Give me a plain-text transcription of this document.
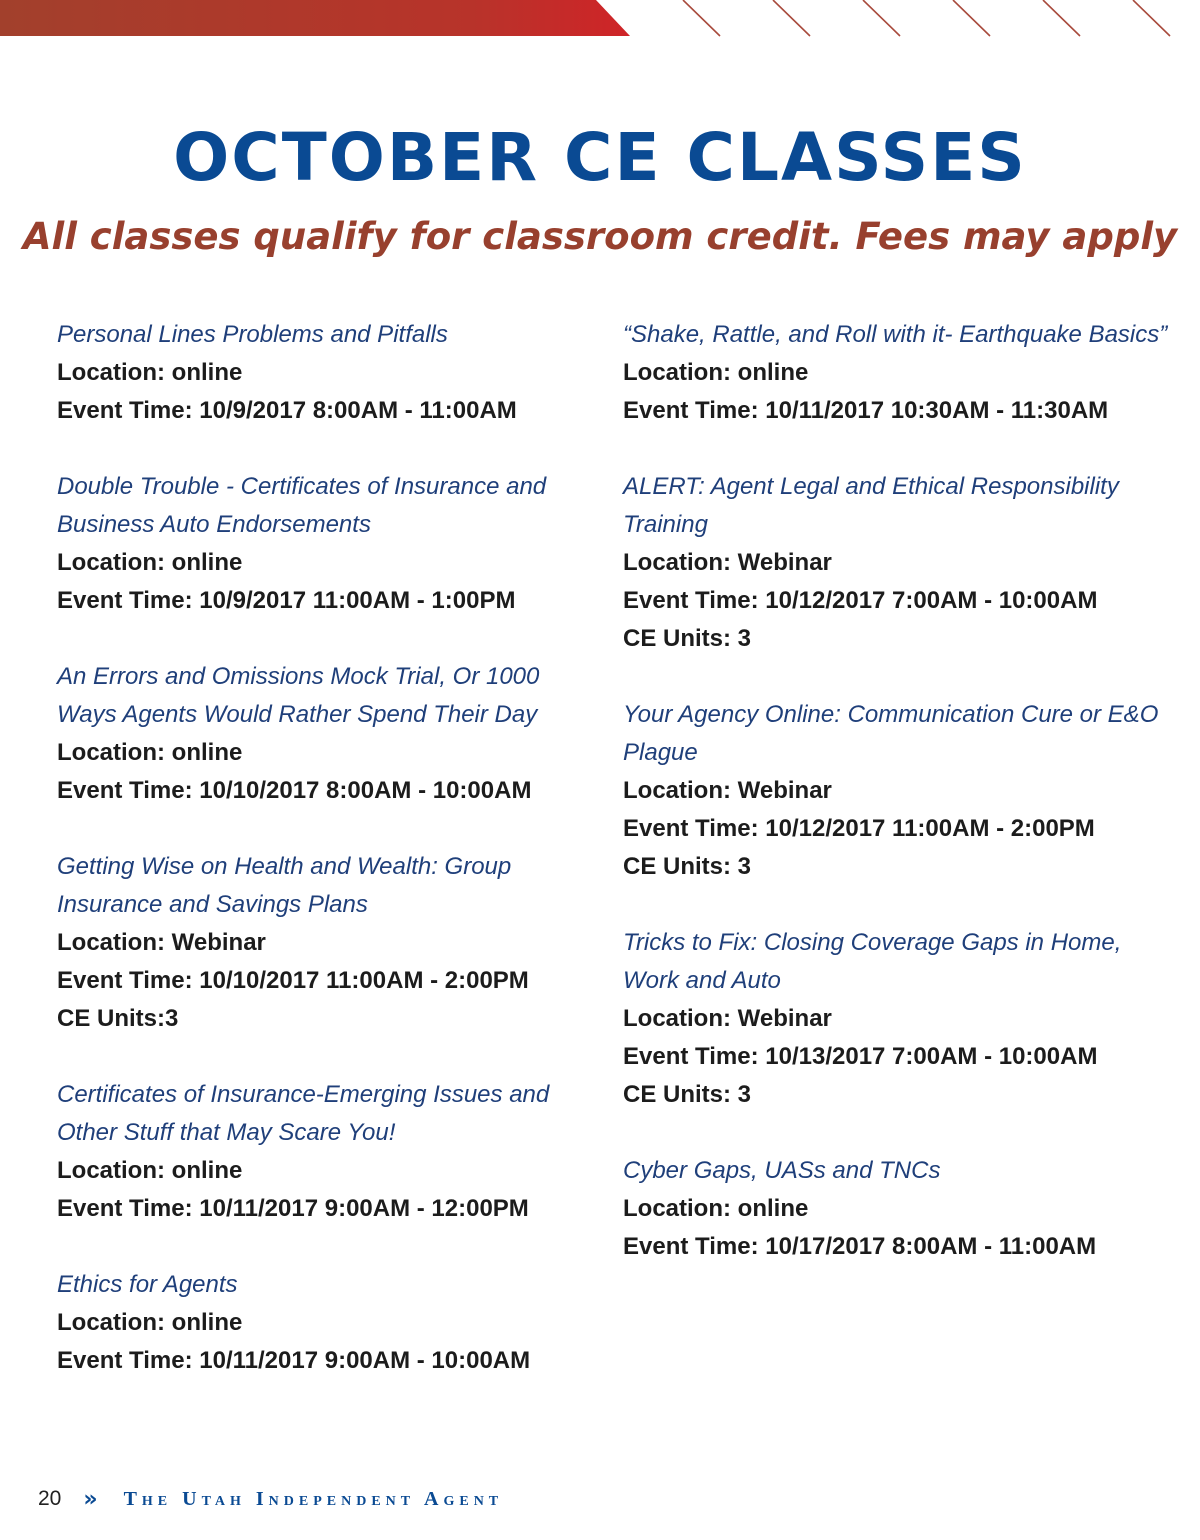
OCTOBER CE CLASSES
All classes qualify for classroom credit. Fees may apply
Personal Lines Problems and Pitfalls
Location: online
Event Time: 10/9/2017 8:00AM - 11:00AM
Double Trouble - Certificates of Insurance and Business Auto Endorsements
Location: online
Event Time: 10/9/2017 11:00AM - 1:00PM
An Errors and Omissions Mock Trial, Or 1000 Ways Agents Would Rather Spend Their Day
Location: online
Event Time: 10/10/2017 8:00AM - 10:00AM
Getting Wise on Health and Wealth: Group Insurance and Savings Plans
Location: Webinar
Event Time: 10/10/2017 11:00AM - 2:00PM
CE Units:3
Certificates of Insurance-Emerging Issues and Other Stuff that May Scare You!
Location: online
Event Time: 10/11/2017 9:00AM - 12:00PM
Ethics for Agents
Location: online
Event Time: 10/11/2017 9:00AM - 10:00AM
“Shake, Rattle, and Roll with it- Earthquake Basics”
Location: online
Event Time: 10/11/2017 10:30AM - 11:30AM
ALERT: Agent Legal and Ethical Responsibility Training
Location: Webinar
Event Time: 10/12/2017 7:00AM - 10:00AM
CE Units: 3
Your Agency Online: Communication Cure or E&O Plague
Location: Webinar
Event Time: 10/12/2017 11:00AM - 2:00PM
CE Units: 3
Tricks to Fix: Closing Coverage Gaps in Home, Work and Auto
Location: Webinar
Event Time: 10/13/2017 7:00AM - 10:00AM
CE Units: 3
Cyber Gaps, UASs and TNCs
Location: online
Event Time: 10/17/2017 8:00AM - 11:00AM
20 » The Utah Independent Agent
